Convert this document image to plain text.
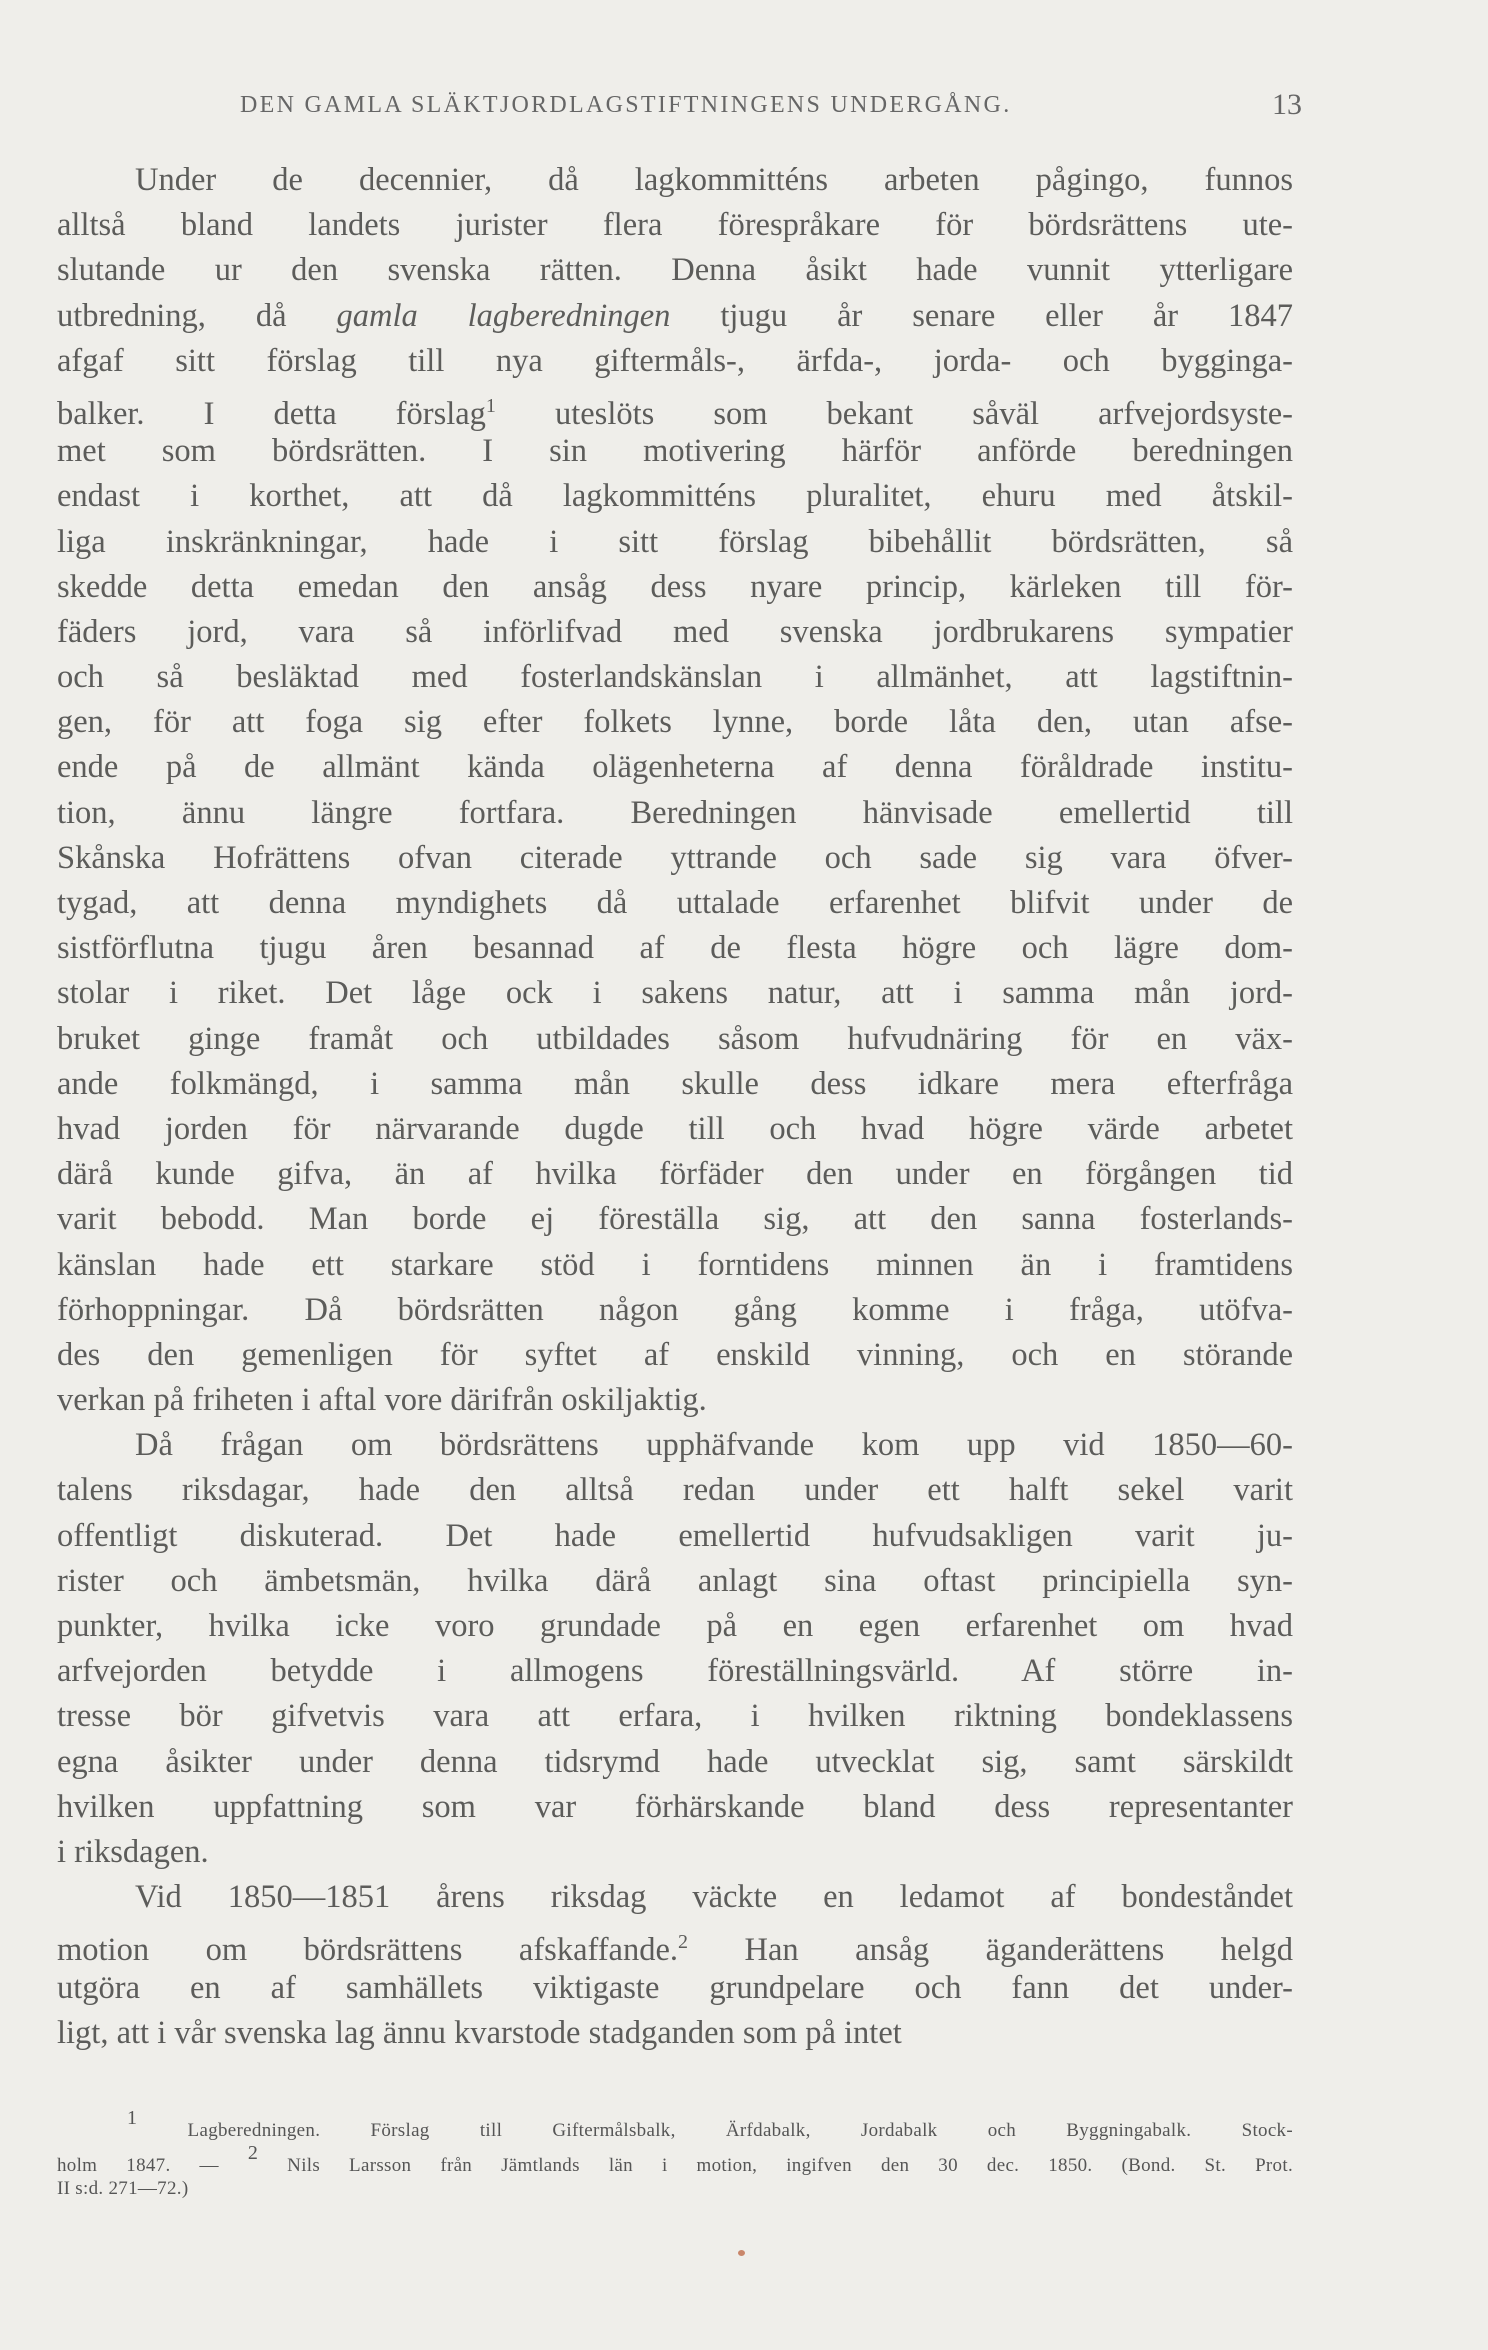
DEN GAMLA SLÄKTJORDLAGSTIFTNINGENS UNDERGÅNG.	13
Under de decennier, då lagkommitténs arbeten pågingo, funnos
alltså bland landets jurister flera förespråkare för bördsrättens ute-
slutande ur den svenska rätten. Denna åsikt hade vunnit ytterligare
utbredning, då gamla lagberedningen tjugu år senare eller år 1847
afgaf sitt förslag till nya giftermåls-, ärfda-, jorda- och bygginga-
balker. I detta förslag$^1$ uteslöts som bekant såväl arfvejordsyste-
met som bördsrätten. I sin motivering härför anförde beredningen
endast i korthet, att då lagkommitténs pluralitet, ehuru med åtskil-
liga inskränkningar, hade i sitt förslag bibehållit bördsrätten, så
skedde detta emedan den ansåg dess nyare princip, kärleken till för-
fäders jord, vara så införlifvad med svenska jordbrukarens sympatier
och så besläktad med fosterlandskänslan i allmänhet, att lagstiftnin-
gen, för att foga sig efter folkets lynne, borde låta den, utan afse-
ende på de allmänt kända olägenheterna af denna föråldrade institu-
tion, ännu längre fortfara. Beredningen hänvisade emellertid till
Skånska Hofrättens ofvan citerade yttrande och sade sig vara öfver-
tygad, att denna myndighets då uttalade erfarenhet blifvit under de
sistförflutna tjugu åren besannad af de flesta högre och lägre dom-
stolar i riket. Det låge ock i sakens natur, att i samma mån jord-
bruket ginge framåt och utbildades såsom hufvudnäring för en väx-
ande folkmängd, i samma mån skulle dess idkare mera efterfråga
hvad jorden för närvarande dugde till och hvad högre värde arbetet
därå kunde gifva, än af hvilka förfäder den under en förgången tid
varit bebodd. Man borde ej föreställa sig, att den sanna fosterlands-
känslan hade ett starkare stöd i forntidens minnen än i framtidens
förhoppningar. Då bördsrätten någon gång komme i fråga, utöfva-
des den gemenligen för syftet af enskild vinning, och en störande
verkan på friheten i aftal vore därifrån oskiljaktig.
Då frågan om bördsrättens upphäfvande kom upp vid 1850—60-
talens riksdagar, hade den alltså redan under ett halft sekel varit
offentligt diskuterad. Det hade emellertid hufvudsakligen varit ju-
rister och ämbetsmän, hvilka därå anlagt sina oftast principiella syn-
punkter, hvilka icke voro grundade på en egen erfarenhet om hvad
arfvejorden betydde i allmogens föreställningsvärld. Af större in-
tresse bör gifvetvis vara att erfara, i hvilken riktning bondeklassens
egna åsikter under denna tidsrymd hade utvecklat sig, samt särskildt
hvilken uppfattning som var förhärskande bland dess representanter
i riksdagen.
Vid 1850—1851 årens riksdag väckte en ledamot af bondeståndet
motion om bördsrättens afskaffande.$^2$ Han ansåg äganderättens helgd
utgöra en af samhällets viktigaste grundpelare och fann det under-
ligt, att i vår svenska lag ännu kvarstode stadganden som på intet
1 Lagberedningen. Förslag till Giftermålsbalk, Ärfdabalk, Jordabalk och Byggningabalk. Stock-
holm 1847. — 2 Nils Larsson från Jämtlands län i motion, ingifven den 30 dec. 1850. (Bond. St. Prot.
II s:d. 271—72.)
